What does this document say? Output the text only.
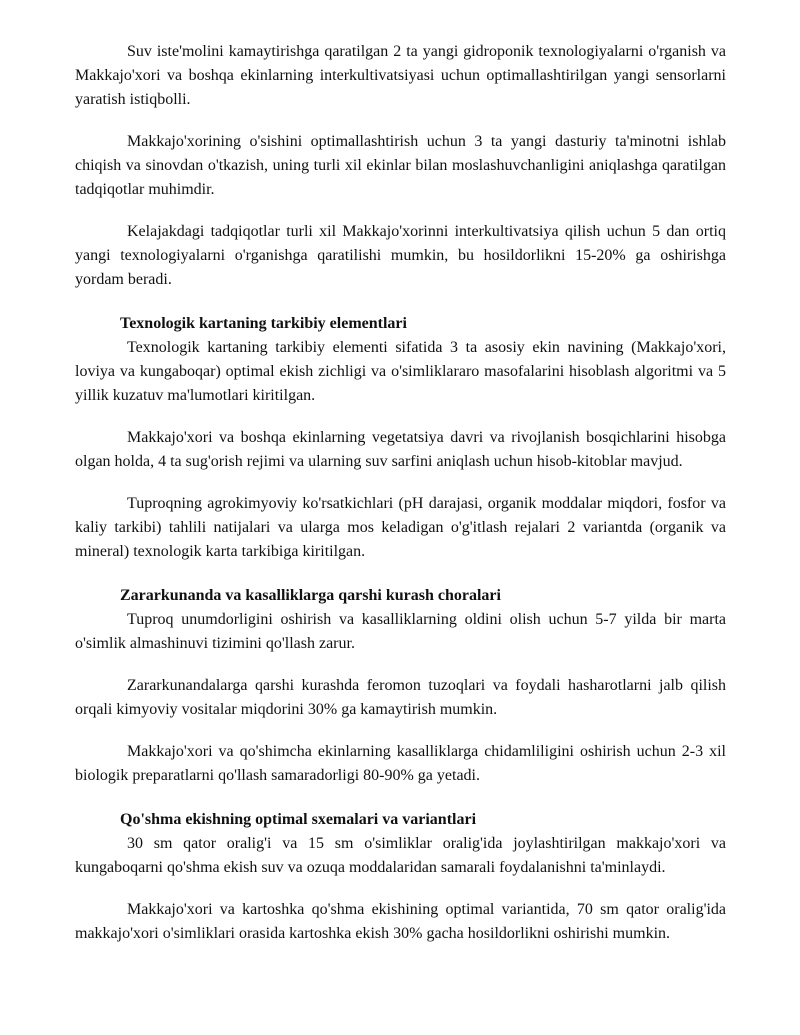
Suv iste'molini kamaytirishga qaratilgan 2 ta yangi gidroponik texnologiyalarni o'rganish va Makkajo'xori va boshqa ekinlarning interkultivatsiyasi uchun optimallashtirilgan yangi sensorlarni yaratish istiqbolli.

Makkajo'xorining o'sishini optimallashtirish uchun 3 ta yangi dasturiy ta'minotni ishlab chiqish va sinovdan o'tkazish, uning turli xil ekinlar bilan moslashuvchanligini aniqlashga qaratilgan tadqiqotlar muhimdir.

Kelajakdagi tadqiqotlar turli xil Makkajo'xorinni interkultivatsiya qilish uchun 5 dan ortiq yangi texnologiyalarni o'rganishga qaratilishi mumkin, bu hosildorlikni 15-20% ga oshirishga yordam beradi.

Texnologik kartaning tarkibiy elementlari

Texnologik kartaning tarkibiy elementi sifatida 3 ta asosiy ekin navining (Makkajo'xori, loviya va kungaboqar) optimal ekish zichligi va o'simliklararo masofalarini hisoblash algoritmi va 5 yillik kuzatuv ma'lumotlari kiritilgan.

Makkajo'xori va boshqa ekinlarning vegetatsiya davri va rivojlanish bosqichlarini hisobga olgan holda, 4 ta sug'orish rejimi va ularning suv sarfini aniqlash uchun hisob-kitoblar mavjud.

Tuproqning agrokimyoviy ko'rsatkichlari (pH darajasi, organik moddalar miqdori, fosfor va kaliy tarkibi) tahlili natijalari va ularga mos keladigan o'g'itlash rejalari 2 variantda (organik va mineral) texnologik karta tarkibiga kiritilgan.

Zararkunanda va kasalliklarga qarshi kurash choralari

Tuproq unumdorligini oshirish va kasalliklarning oldini olish uchun 5-7 yilda bir marta o'simlik almashinuvi tizimini qo'llash zarur.

Zararkunandalarga qarshi kurashda feromon tuzoqlari va foydali hasharotlarni jalb qilish orqali kimyoviy vositalar miqdorini 30% ga kamaytirish mumkin.

Makkajo'xori va qo'shimcha ekinlarning kasalliklarga chidamliligini oshirish uchun 2-3 xil biologik preparatlarni qo'llash samaradorligi 80-90% ga yetadi.

Qo'shma ekishning optimal sxemalari va variantlari

30 sm qator oralig'i va 15 sm o'simliklar oralig'ida joylashtirilgan makkajo'xori va kungaboqarni qo'shma ekish suv va ozuqa moddalaridan samarali foydalanishni ta'minlaydi.

Makkajo'xori va kartoshka qo'shma ekishining optimal variantida, 70 sm qator oralig'ida makkajo'xori o'simliklari orasida kartoshka ekish 30% gacha hosildorlikni oshirishi mumkin.
